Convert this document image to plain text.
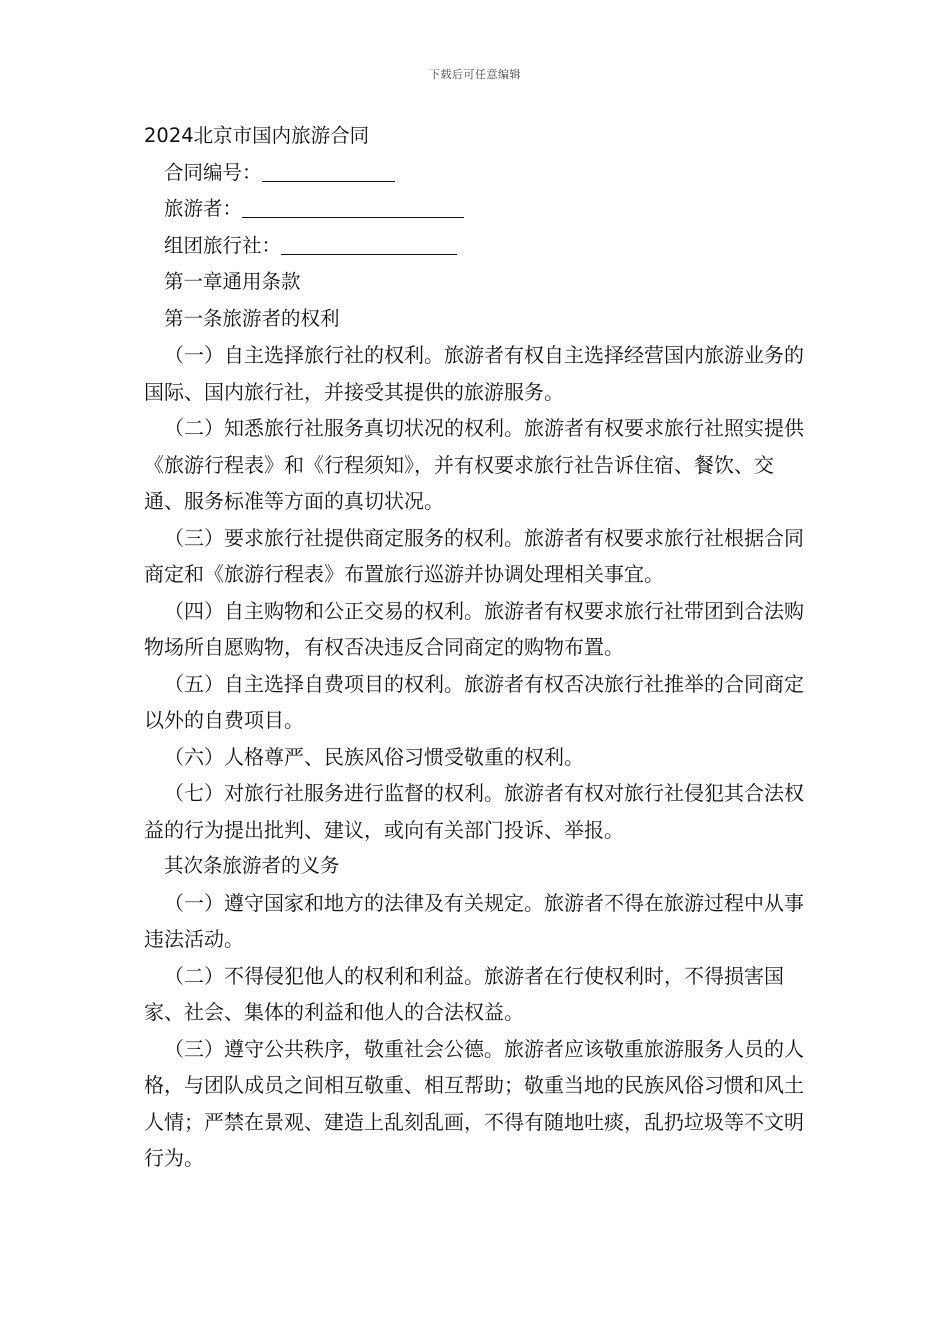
下载后可任意编辑
2024北京市国内旅游合同
合同编号：
旅游者：
组团旅行社：
第一章通用条款
第一条旅游者的权利

（一）自主选择旅行社的权利。旅游者有权自主选择经营国内旅游业务的国际、国内旅行社，并接受其提供的旅游服务。

（二）知悉旅行社服务真切状况的权利。旅游者有权要求旅行社照实提供《旅游行程表》和《行程须知》，并有权要求旅行社告诉住宿、餐饮、交通、服务标准等方面的真切状况。

（三）要求旅行社提供商定服务的权利。旅游者有权要求旅行社根据合同商定和《旅游行程表》布置旅行巡游并协调处理相关事宜。

（四）自主购物和公正交易的权利。旅游者有权要求旅行社带团到合法购物场所自愿购物，有权否决违反合同商定的购物布置。

（五）自主选择自费项目的权利。旅游者有权否决旅行社推举的合同商定以外的自费项目。

（六）人格尊严、民族风俗习惯受敬重的权利。

（七）对旅行社服务进行监督的权利。旅游者有权对旅行社侵犯其合法权益的行为提出批判、建议，或向有关部门投诉、举报。

其次条旅游者的义务

（一）遵守国家和地方的法律及有关规定。旅游者不得在旅游过程中从事违法活动。

（二）不得侵犯他人的权利和利益。旅游者在行使权利时，不得损害国家、社会、集体的利益和他人的合法权益。

（三）遵守公共秩序，敬重社会公德。旅游者应该敬重旅游服务人员的人格，与团队成员之间相互敬重、相互帮助；敬重当地的民族风俗习惯和风土人情；严禁在景观、建造上乱刻乱画，不得有随地吐痰，乱扔垃圾等不文明行为。
